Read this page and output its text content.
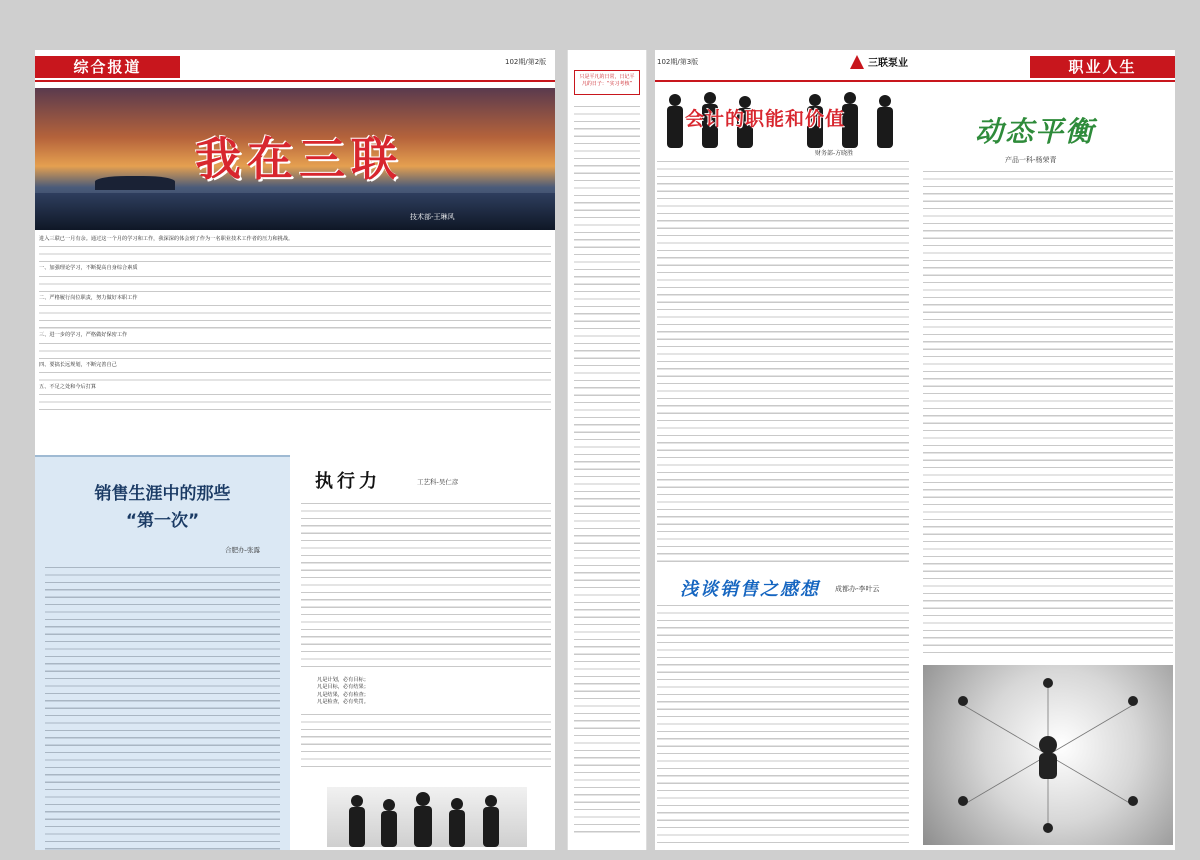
综合报道	102期/第2版
我在三联
技术部-王琳风
进入三联已一月有余。通过这一个月的学习和工作，我深深的体会到了作为一名职业技术工作者的压力和挑战。
一、加强理论学习，不断提高自身综合素质
二、严格履行岗位职责，努力做好本职工作
三、进一步的学习，严格做好保密工作
四、要搞长远规划，不断完善自己
五、不足之处和今后打算
销售生涯中的那些
“第一次”
合肥办-张露
执行力	工艺科-吴仁彦
凡是计划，必有目标；
凡是目标，必有结果；
凡是结果，必有检查；
凡是检查，必有奖罚。
只是平凡的日常，日记平凡的日子：“实习考核”
102期/第3版	三联泵业	职业人生
会计的职能和价值
财务部-方晓胜
动态平衡
产品一科-杨荣青
浅谈销售之感想 成都办-李叶云
